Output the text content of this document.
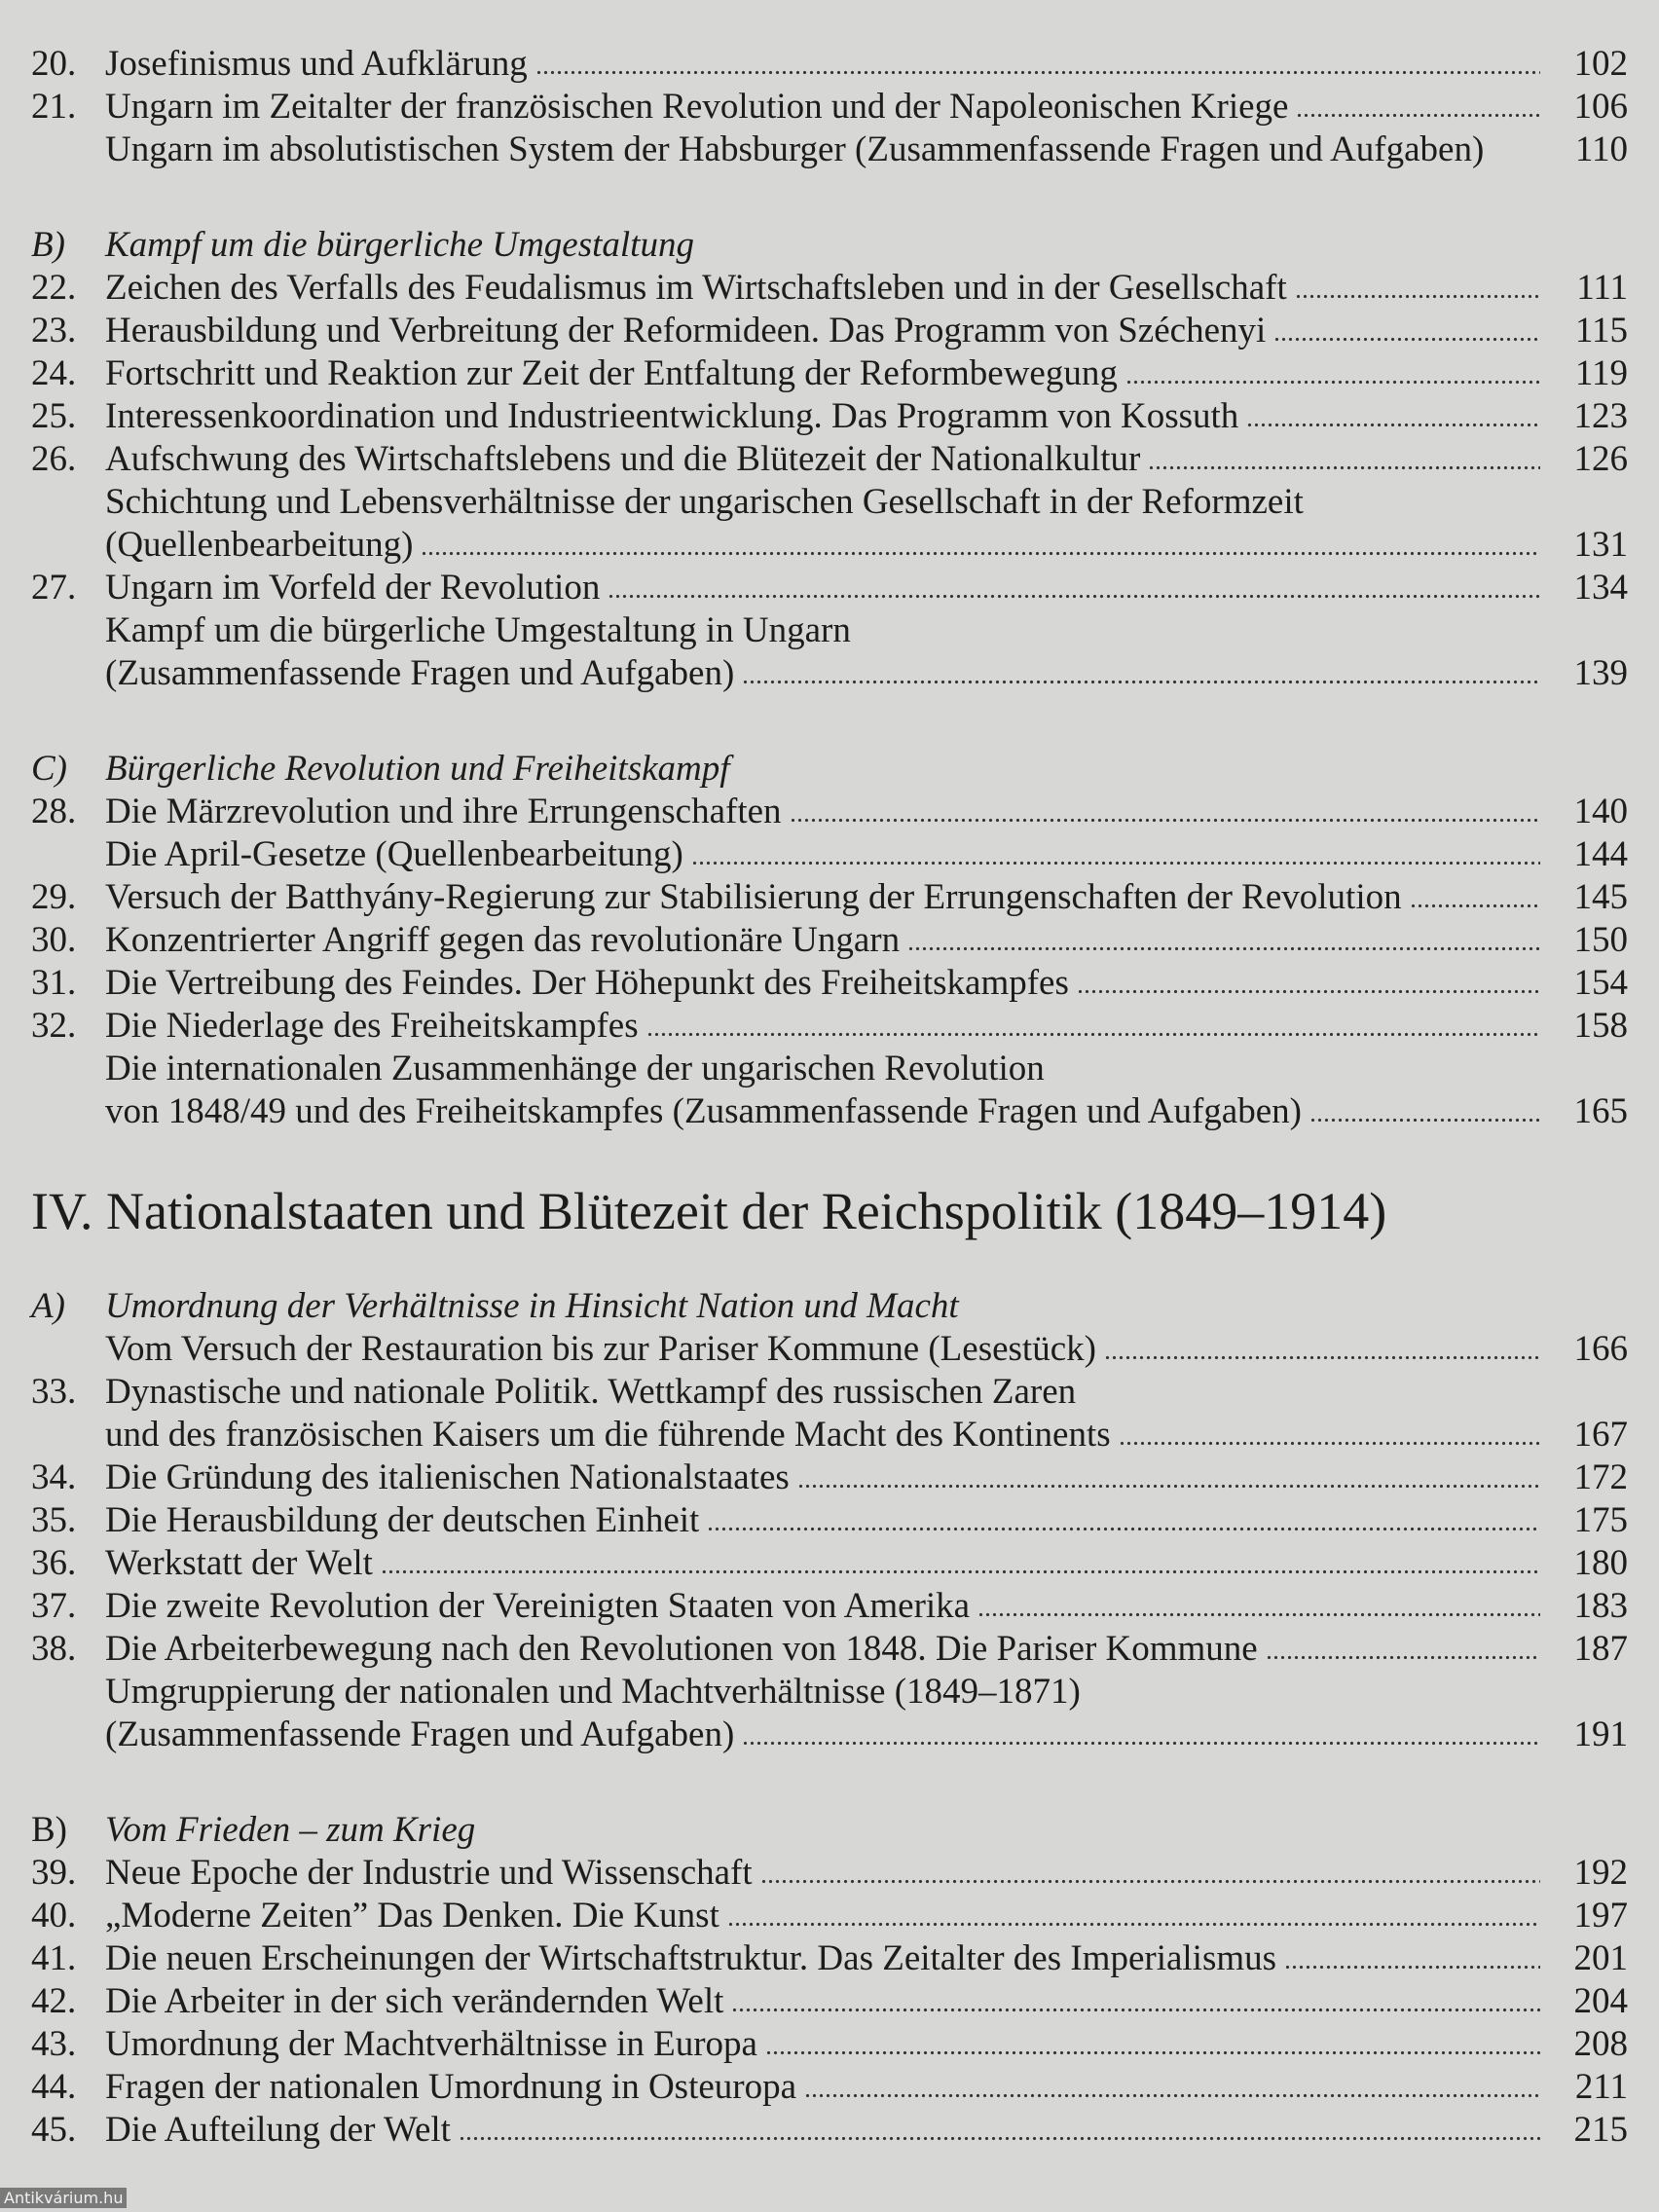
20. Josefinismus und Aufklärung	102
21. Ungarn im Zeitalter der französischen Revolution und der Napoleonischen Kriege	106
Ungarn im absolutistischen System der Habsburger (Zusammenfassende Fragen und Aufgaben)	110
B)	Kampf um die bürgerliche Umgestaltung
22. Zeichen des Verfalls des Feudalismus im Wirtschaftsleben und in der Gesellschaft	111
23. Herausbildung und Verbreitung der Reformideen. Das Programm von Széchenyi	115
24. Fortschritt und Reaktion zur Zeit der Entfaltung der Reformbewegung	119
25. Interessenkoordination und Industrieentwicklung. Das Programm von Kossuth	123
26. Aufschwung des Wirtschaftslebens und die Blütezeit der Nationalkultur	126
Schichtung und Lebensverhältnisse der ungarischen Gesellschaft in der Reformzeit
(Quellenbearbeitung)	131
27. Ungarn im Vorfeld der Revolution	134
Kampf um die bürgerliche Umgestaltung in Ungarn
(Zusammenfassende Fragen und Aufgaben)	139
C)	Bürgerliche Revolution und Freiheitskampf
28. Die Märzrevolution und ihre Errungenschaften	140
Die April-Gesetze (Quellenbearbeitung)	144
29. Versuch der Batthyány-Regierung zur Stabilisierung der Errungenschaften der Revolution	145
30. Konzentrierter Angriff gegen das revolutionäre Ungarn	150
31. Die Vertreibung des Feindes. Der Höhepunkt des Freiheitskampfes	154
32. Die Niederlage des Freiheitskampfes	158
Die internationalen Zusammenhänge der ungarischen Revolution
von 1848/49 und des Freiheitskampfes (Zusammenfassende Fragen und Aufgaben)	165
IV. Nationalstaaten und Blütezeit der Reichspolitik (1849–1914)
A)	Umordnung der Verhältnisse in Hinsicht Nation und Macht
Vom Versuch der Restauration bis zur Pariser Kommune (Lesestück)	166
33. Dynastische und nationale Politik. Wettkampf des russischen Zaren
und des französischen Kaisers um die führende Macht des Kontinents	167
34. Die Gründung des italienischen Nationalstaates	172
35. Die Herausbildung der deutschen Einheit	175
36. Werkstatt der Welt	180
37. Die zweite Revolution der Vereinigten Staaten von Amerika	183
38. Die Arbeiterbewegung nach den Revolutionen von 1848. Die Pariser Kommune	187
Umgruppierung der nationalen und Machtverhältnisse (1849–1871)
(Zusammenfassende Fragen und Aufgaben)	191
B)	Vom Frieden – zum Krieg
39. Neue Epoche der Industrie und Wissenschaft	192
40. „Moderne Zeiten” Das Denken. Die Kunst	197
41. Die neuen Erscheinungen der Wirtschaftstruktur. Das Zeitalter des Imperialismus	201
42. Die Arbeiter in der sich verändernden Welt	204
43. Umordnung der Machtverhältnisse in Europa	208
44. Fragen der nationalen Umordnung in Osteuropa	211
45. Die Aufteilung der Welt	215
Antikvárium.hu
